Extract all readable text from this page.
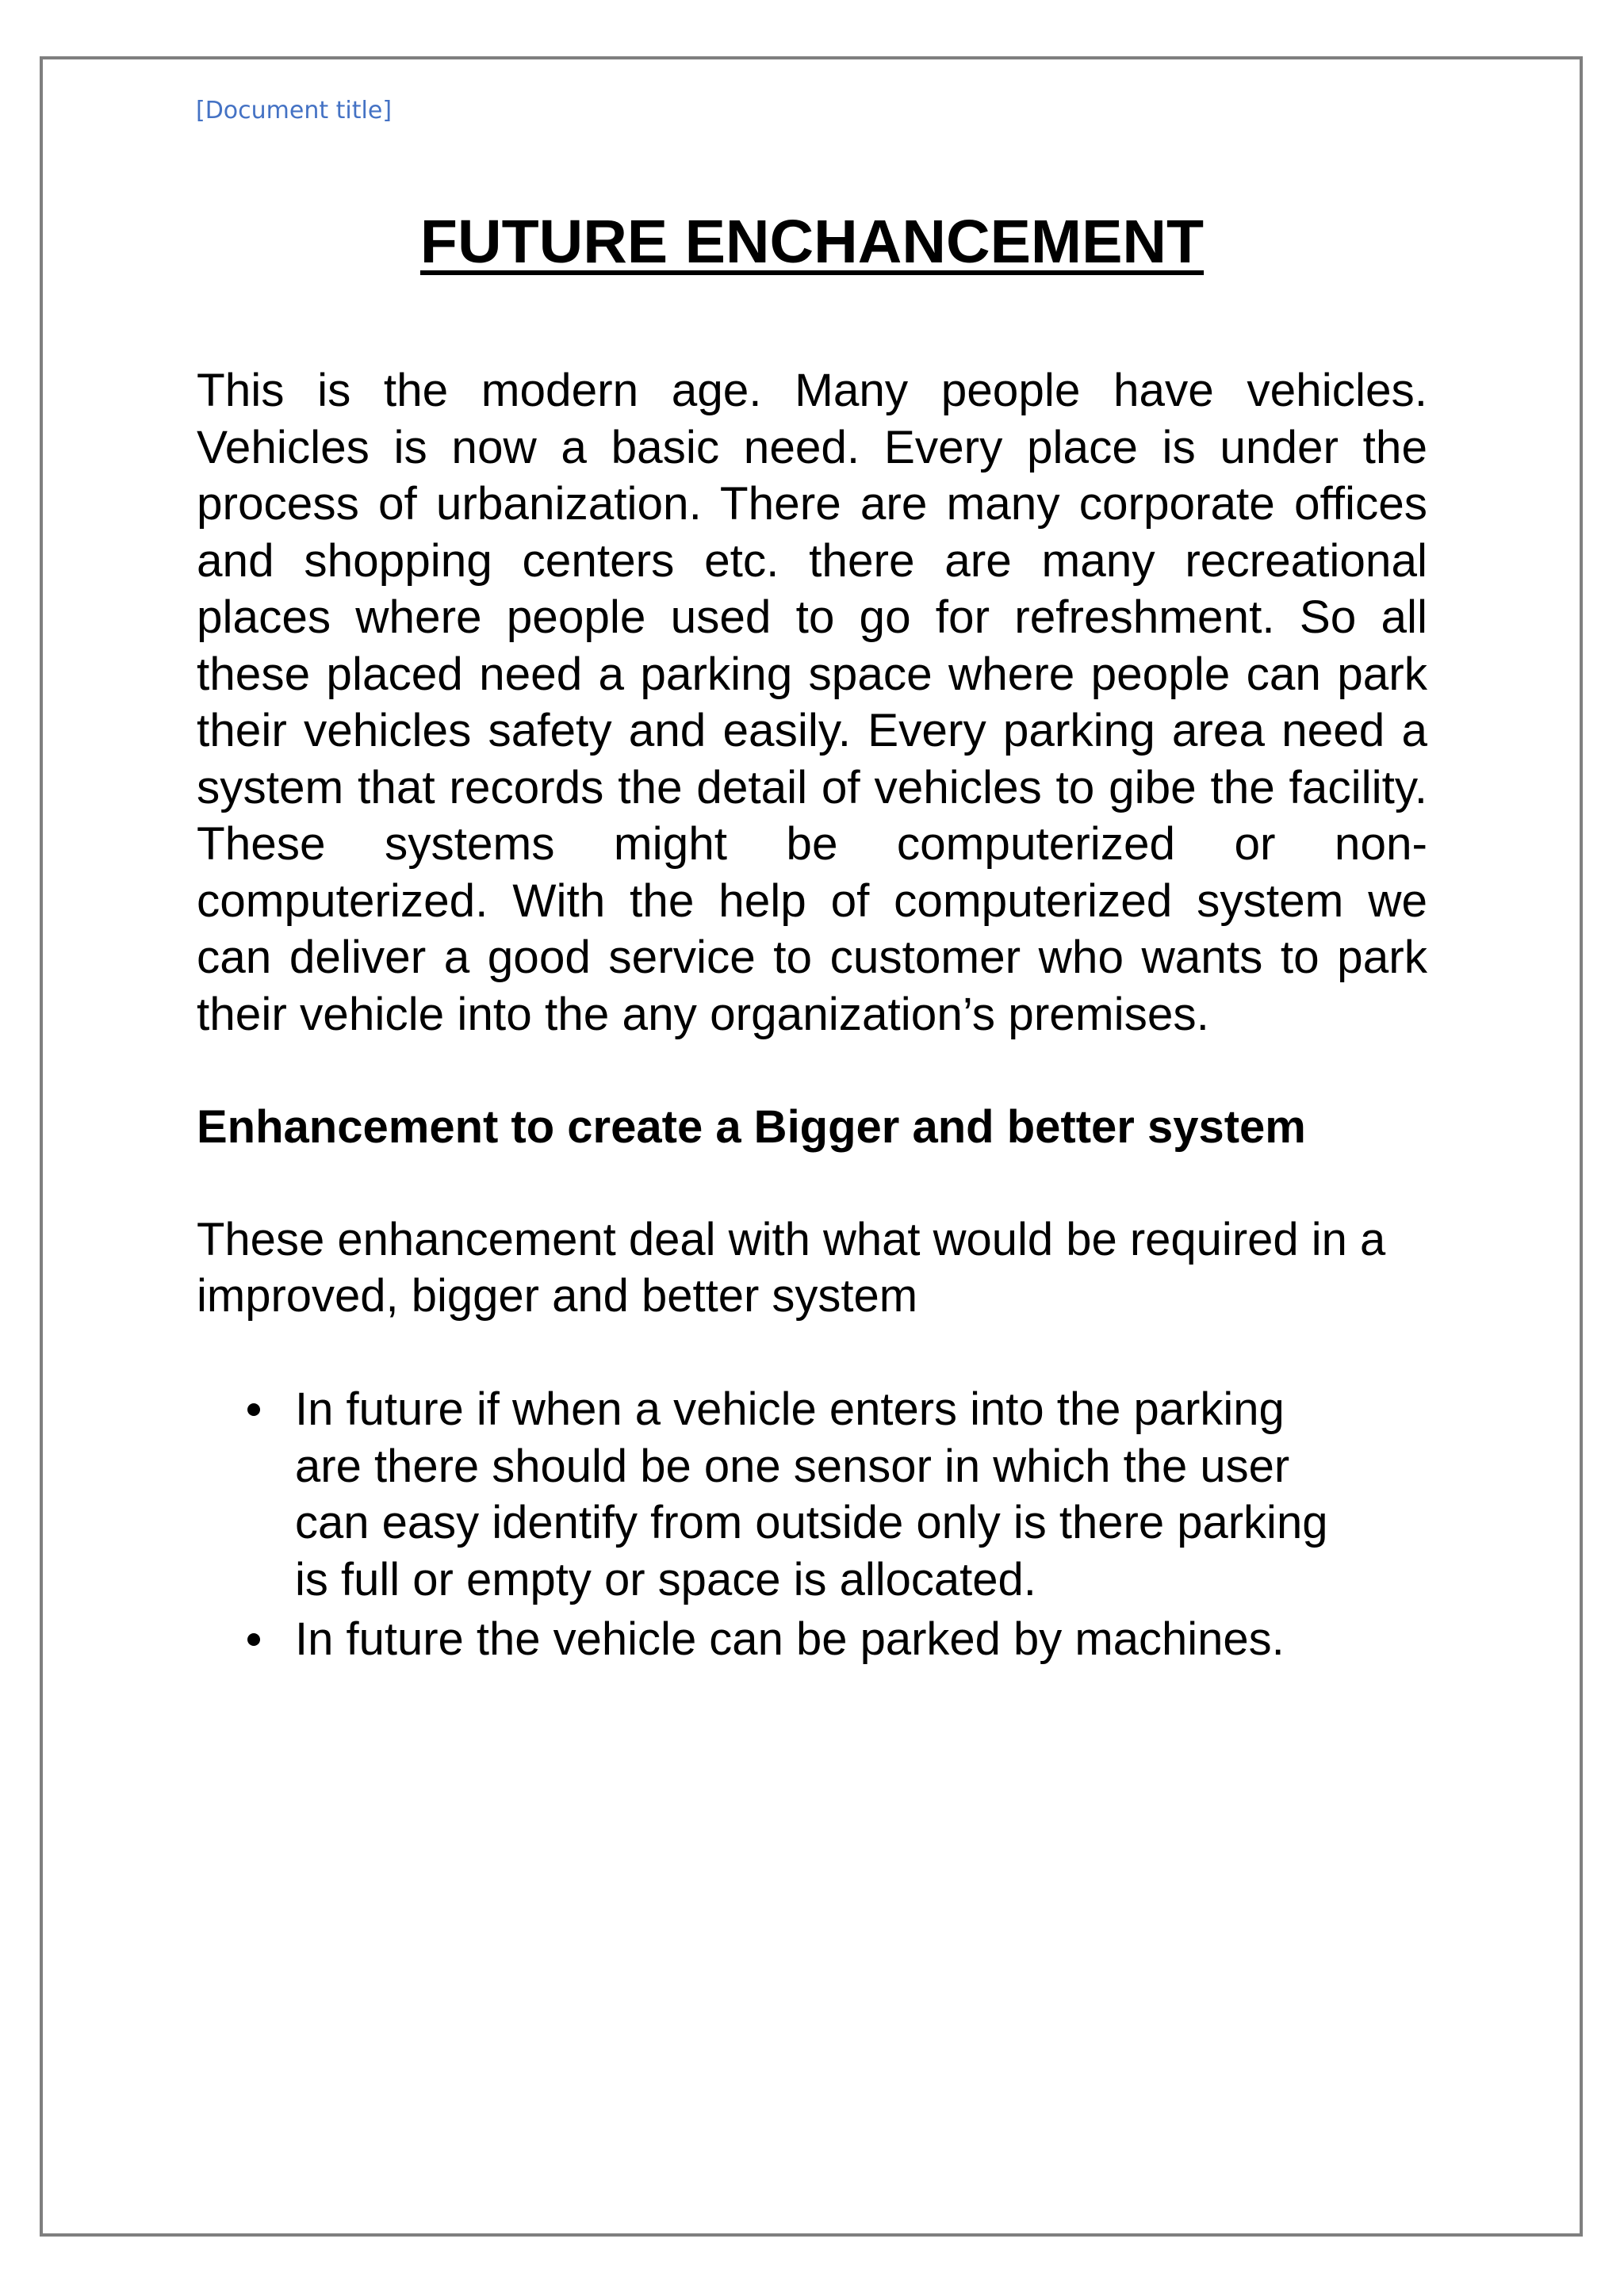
[Document title]
FUTURE ENCHANCEMENT

This is the modern age. Many people have vehicles. Vehicles is now a basic need. Every place is under the process of urbanization. There are many corporate offices and shopping centers etc. there are many recreational places where people used to go for refreshment. So all these placed need a parking space where people can park their vehicles safety and easily. Every parking area need a system that records the detail of vehicles to gibe the facility. These systems might be computerized or non-computerized. With the help of computerized system we can deliver a good service to customer who wants to park their vehicle into the any organization’s premises.

Enhancement to create a Bigger and better system

These enhancement deal with what would be required in a improved, bigger and better system

In future if when a vehicle enters into the parking are there should be one sensor in which the user can easy identify from outside only is there parking is full or empty or space is allocated.
In future the vehicle can be parked by machines.
